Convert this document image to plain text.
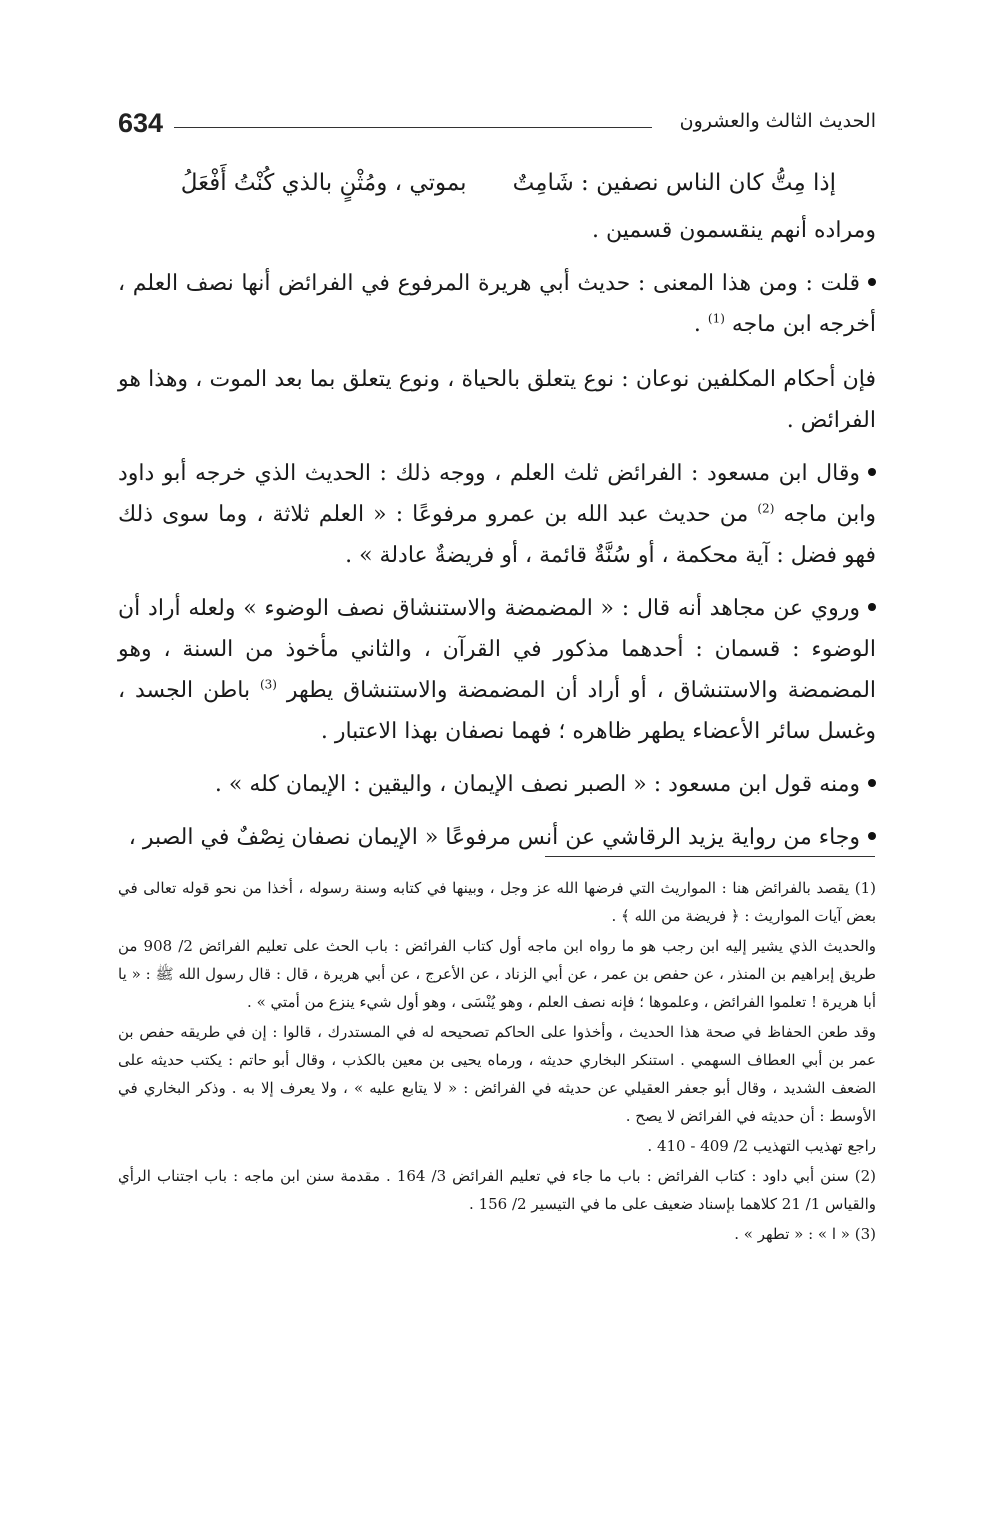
634	الحديث الثالث والعشرون
إذا مِتُّ كان الناس نصفين : شَامِتٌ
بموتي ، ومُثْنٍ بالذي كُنْتُ أَفْعَلُ

ومراده أنهم ينقسمون قسمين .

قلت : ومن هذا المعنى : حديث أبي هريرة المرفوع في الفرائض أنها نصف العلم ، أخرجه ابن ماجه $^{(1)}$ .

فإن أحكام المكلفين نوعان : نوع يتعلق بالحياة ، ونوع يتعلق بما بعد الموت ، وهذا هو الفرائض .

وقال ابن مسعود : الفرائض ثلث العلم ، ووجه ذلك : الحديث الذي خرجه أبو داود وابن ماجه $^{(2)}$ من حديث عبد الله بن عمرو مرفوعًا : « العلم ثلاثة ، وما سوى ذلك فهو فضل : آية محكمة ، أو سُنَّةٌ قائمة ، أو فريضةٌ عادلة » .

وروي عن مجاهد أنه قال : « المضمضة والاستنشاق نصف الوضوء » ولعله أراد أن الوضوء : قسمان : أحدهما مذكور في القرآن ، والثاني مأخوذ من السنة ، وهو المضمضة والاستنشاق ، أو أراد أن المضمضة والاستنشاق يطهر $^{(3)}$ باطن الجسد ، وغسل سائر الأعضاء يطهر ظاهره ؛ فهما نصفان بهذا الاعتبار .

ومنه قول ابن مسعود : « الصبر نصف الإيمان ، واليقين : الإيمان كله » .

وجاء من رواية يزيد الرقاشي عن أنس مرفوعًا « الإيمان نصفان نِصْفٌ في الصبر ،

(1) يقصد بالفرائض هنا : المواريث التي فرضها الله عز وجل ، وبينها في كتابه وسنة رسوله ، أخذا من نحو قوله تعالى في بعض آيات المواريث : ﴿ فريضة من الله ﴾ .

والحديث الذي يشير إليه ابن رجب هو ما رواه ابن ماجه أول كتاب الفرائض : باب الحث على تعليم الفرائض 2/ 908 من طريق إبراهيم بن المنذر ، عن حفص بن عمر ، عن أبي الزناد ، عن الأعرج ، عن أبي هريرة ، قال : قال رسول الله ﷺ : « يا أبا هريرة ! تعلموا الفرائض ، وعلموها ؛ فإنه نصف العلم ، وهو يُنْسَى ، وهو أول شيء ينزع من أمتي » .

وقد طعن الحفاظ في صحة هذا الحديث ، وأخذوا على الحاكم تصحيحه له في المستدرك ، قالوا : إن في طريقه حفص بن عمر بن أبي العطاف السهمي . استنكر البخاري حديثه ، ورماه يحيى بن معين بالكذب ، وقال أبو حاتم : يكتب حديثه على الضعف الشديد ، وقال أبو جعفر العقيلي عن حديثه في الفرائض : « لا يتابع عليه » ، ولا يعرف إلا به . وذكر البخاري في الأوسط : أن حديثه في الفرائض لا يصح .

راجع تهذيب التهذيب 2/ 409 - 410 .

(2) سنن أبي داود : كتاب الفرائض : باب ما جاء في تعليم الفرائض 3/ 164 . مقدمة سنن ابن ماجه : باب اجتناب الرأي والقياس 1/ 21 كلاهما بإسناد ضعيف على ما في التيسير 2/ 156 .

(3) « ا » : « تطهر » .
